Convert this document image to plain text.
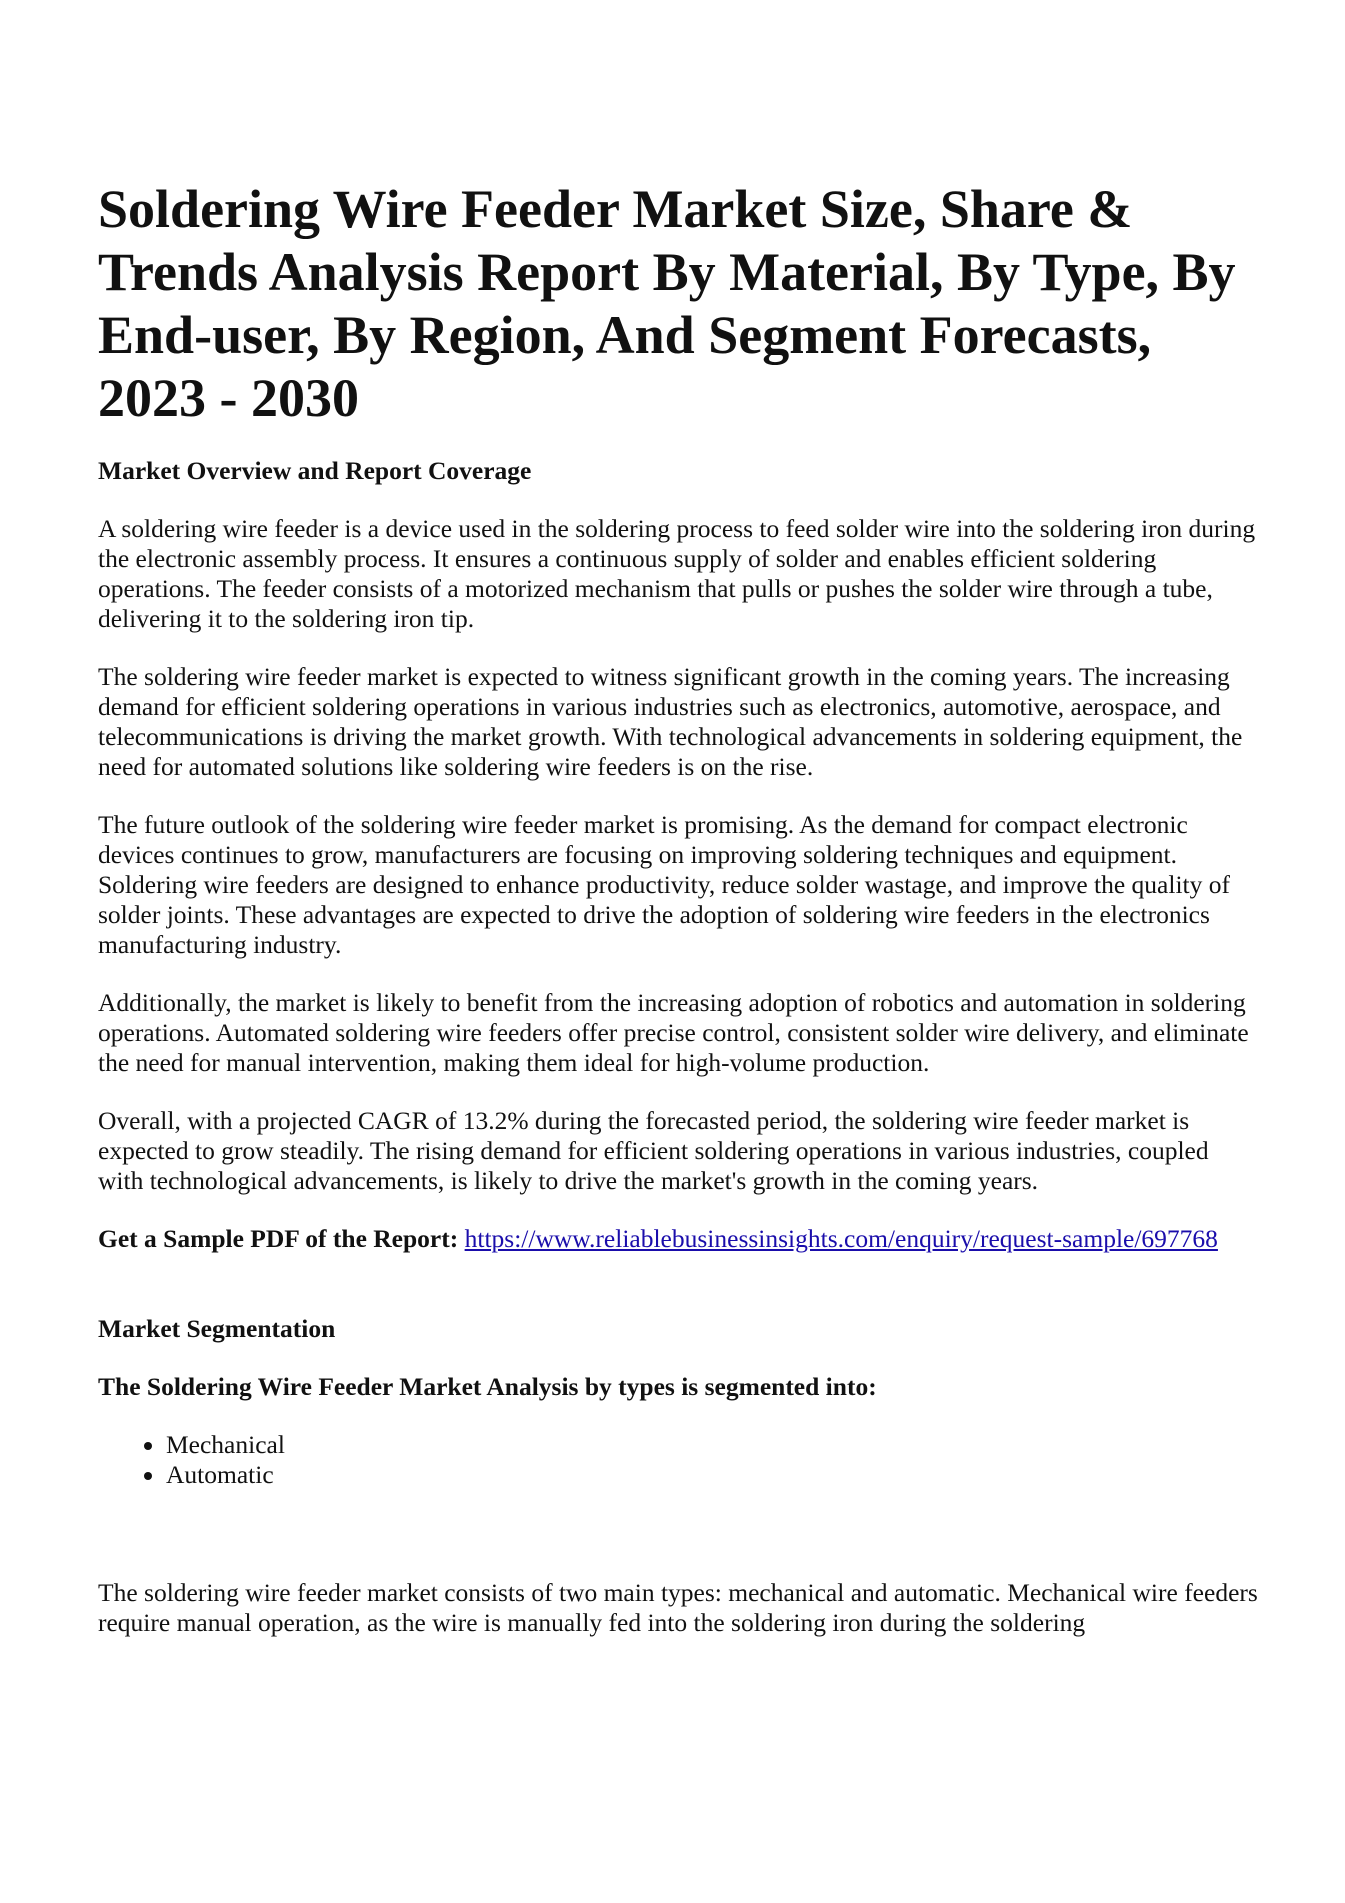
Soldering Wire Feeder Market Size, Share & Trends Analysis Report By Material, By Type, By End-user, By Region, And Segment Forecasts, 2023 - 2030
Market Overview and Report Coverage

A soldering wire feeder is a device used in the soldering process to feed solder wire into the soldering iron during the electronic assembly process. It ensures a continuous supply of solder and enables efficient soldering operations. The feeder consists of a motorized mechanism that pulls or pushes the solder wire through a tube, delivering it to the soldering iron tip.

The soldering wire feeder market is expected to witness significant growth in the coming years. The increasing demand for efficient soldering operations in various industries such as electronics, automotive, aerospace, and telecommunications is driving the market growth. With technological advancements in soldering equipment, the need for automated solutions like soldering wire feeders is on the rise.

The future outlook of the soldering wire feeder market is promising. As the demand for compact electronic devices continues to grow, manufacturers are focusing on improving soldering techniques and equipment. Soldering wire feeders are designed to enhance productivity, reduce solder wastage, and improve the quality of solder joints. These advantages are expected to drive the adoption of soldering wire feeders in the electronics manufacturing industry.

Additionally, the market is likely to benefit from the increasing adoption of robotics and automation in soldering operations. Automated soldering wire feeders offer precise control, consistent solder wire delivery, and eliminate the need for manual intervention, making them ideal for high-volume production.

Overall, with a projected CAGR of 13.2% during the forecasted period, the soldering wire feeder market is expected to grow steadily. The rising demand for efficient soldering operations in various industries, coupled with technological advancements, is likely to drive the market's growth in the coming years.

Get a Sample PDF of the Report: https://www.reliablebusinessinsights.com/enquiry/request-sample/697768

Market Segmentation
The Soldering Wire Feeder Market Analysis by types is segmented into:
• Mechanical
• Automatic

The soldering wire feeder market consists of two main types: mechanical and automatic. Mechanical wire feeders require manual operation, as the wire is manually fed into the soldering iron during the soldering
